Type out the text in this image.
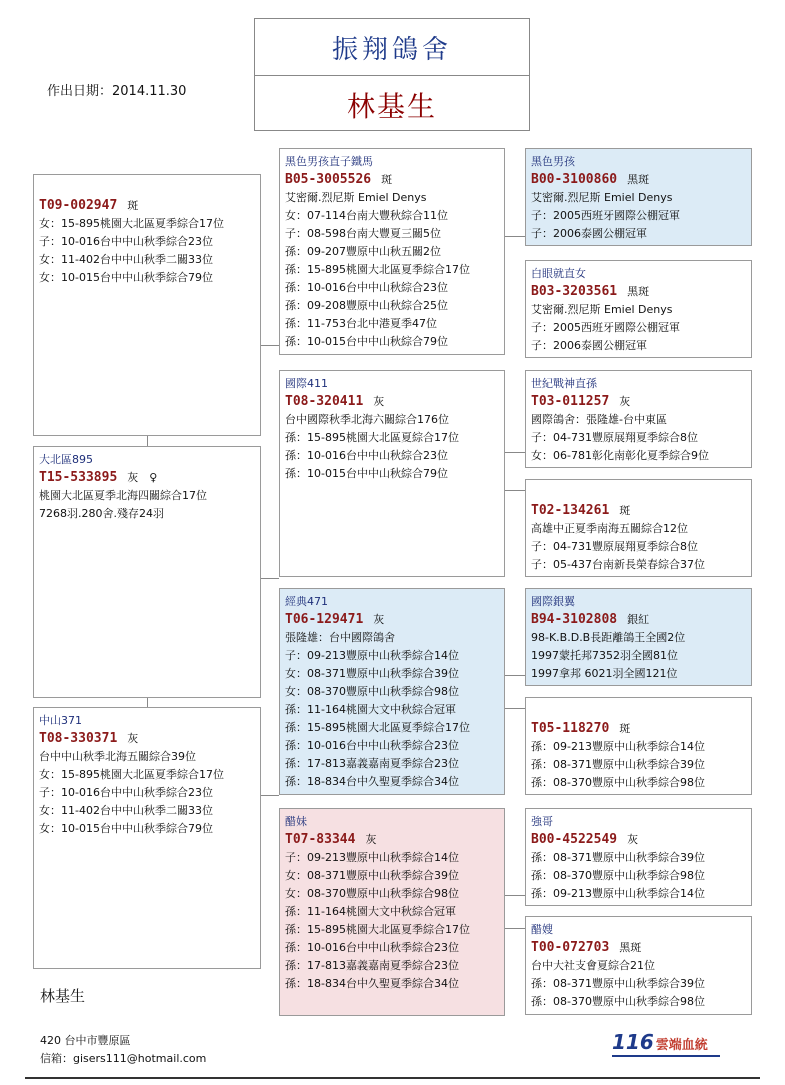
振翔鴿舍
林基生
作出日期：2014.11.30
T09-002947 斑
女：15-895桃園大北區夏季綜合17位
子：10-016台中中山秋季綜合23位
女：11-402台中中山秋季二關33位
女：10-015台中中山秋季綜合79位
大北區895
T15-533895 灰　♀
桃園大北區夏季北海四關綜合17位
7268羽.280舍.殘存24羽
中山371
T08-330371 灰
台中中山秋季北海五關綜合39位
女：15-895桃園大北區夏季綜合17位
子：10-016台中中山秋季綜合23位
女：11-402台中中山秋季二關33位
女：10-015台中中山秋季綜合79位
黑色男孩直子鐵馬
B05-3005526 斑
艾密爾.烈尼斯 Emiel Denys
女：07-114台南大豐秋綜合11位
子：08-598台南大豐夏三關5位
孫：09-207豐原中山秋五關2位
孫：15-895桃園大北區夏季綜合17位
孫：10-016台中中山秋綜合23位
孫：09-208豐原中山秋綜合25位
孫：11-753台北中港夏季47位
孫：10-015台中中山秋綜合79位
國際411
T08-320411 灰
台中國際秋季北海六關綜合176位
孫：15-895桃園大北區夏綜合17位
孫：10-016台中中山秋綜合23位
孫：10-015台中中山秋綜合79位
經典471
T06-129471 灰
張隆雄：台中國際鴿舍
子：09-213豐原中山秋季綜合14位
女：08-371豐原中山秋季綜合39位
女：08-370豐原中山秋季綜合98位
孫：11-164桃園大文中秋綜合冠軍
孫：15-895桃園大北區夏季綜合17位
孫：10-016台中中山秋季綜合23位
孫：17-813嘉義嘉南夏季綜合23位
孫：18-834台中久聖夏季綜合34位
醋妹
T07-83344 灰
子：09-213豐原中山秋季綜合14位
女：08-371豐原中山秋季綜合39位
女：08-370豐原中山秋季綜合98位
孫：11-164桃園大文中秋綜合冠軍
孫：15-895桃園大北區夏季綜合17位
孫：10-016台中中山秋季綜合23位
孫：17-813嘉義嘉南夏季綜合23位
孫：18-834台中久聖夏季綜合34位
黑色男孩
B00-3100860 黑斑
艾密爾.烈尼斯 Emiel Denys
子：2005西班牙國際公棚冠軍
子：2006泰國公棚冠軍
白眼就直女
B03-3203561 黑斑
艾密爾.烈尼斯 Emiel Denys
子：2005西班牙國際公棚冠軍
子：2006泰國公棚冠軍
世紀戰神直孫
T03-011257 灰
國際鴿舍：張隆雄-台中東區
子：04-731豐原展翔夏季綜合8位
女：06-781彰化南彰化夏季綜合9位
T02-134261 斑
高雄中正夏季南海五關綜合12位
子：04-731豐原展翔夏季綜合8位
子：05-437台南新長榮春綜合37位
國際銀翼
B94-3102808 銀紅
98-K.B.D.B長距離鴿王全國2位
1997蒙托邦7352羽全國81位
1997拿邦 6021羽全國121位
T05-118270 斑
孫：09-213豐原中山秋季綜合14位
孫：08-371豐原中山秋季綜合39位
孫：08-370豐原中山秋季綜合98位
強哥
B00-4522549 灰
孫：08-371豐原中山秋季綜合39位
孫：08-370豐原中山秋季綜合98位
孫：09-213豐原中山秋季綜合14位
醋嫂
T00-072703 黑斑
台中大社支會夏綜合21位
孫：08-371豐原中山秋季綜合39位
孫：08-370豐原中山秋季綜合98位
林基生
420 台中市豐原區
信箱：gisers111@hotmail.com
116 雲端血統
